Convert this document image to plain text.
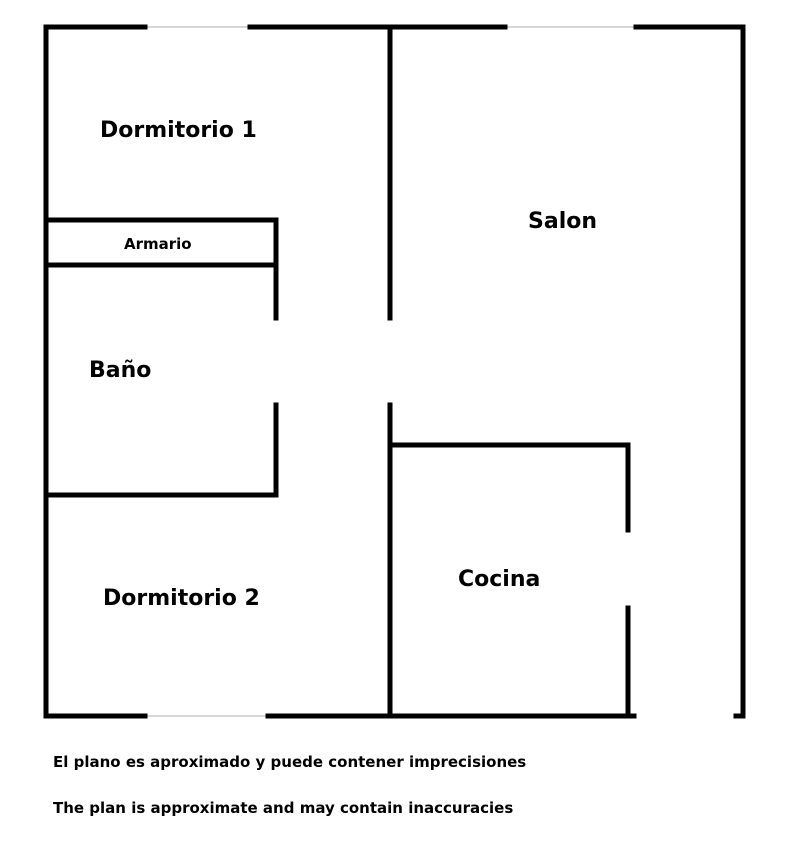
Dormitorio 1
Armario
Baño
Salon
Dormitorio 2
Cocina
El plano es aproximado y puede contener imprecisiones
The plan is approximate and may contain inaccuracies
